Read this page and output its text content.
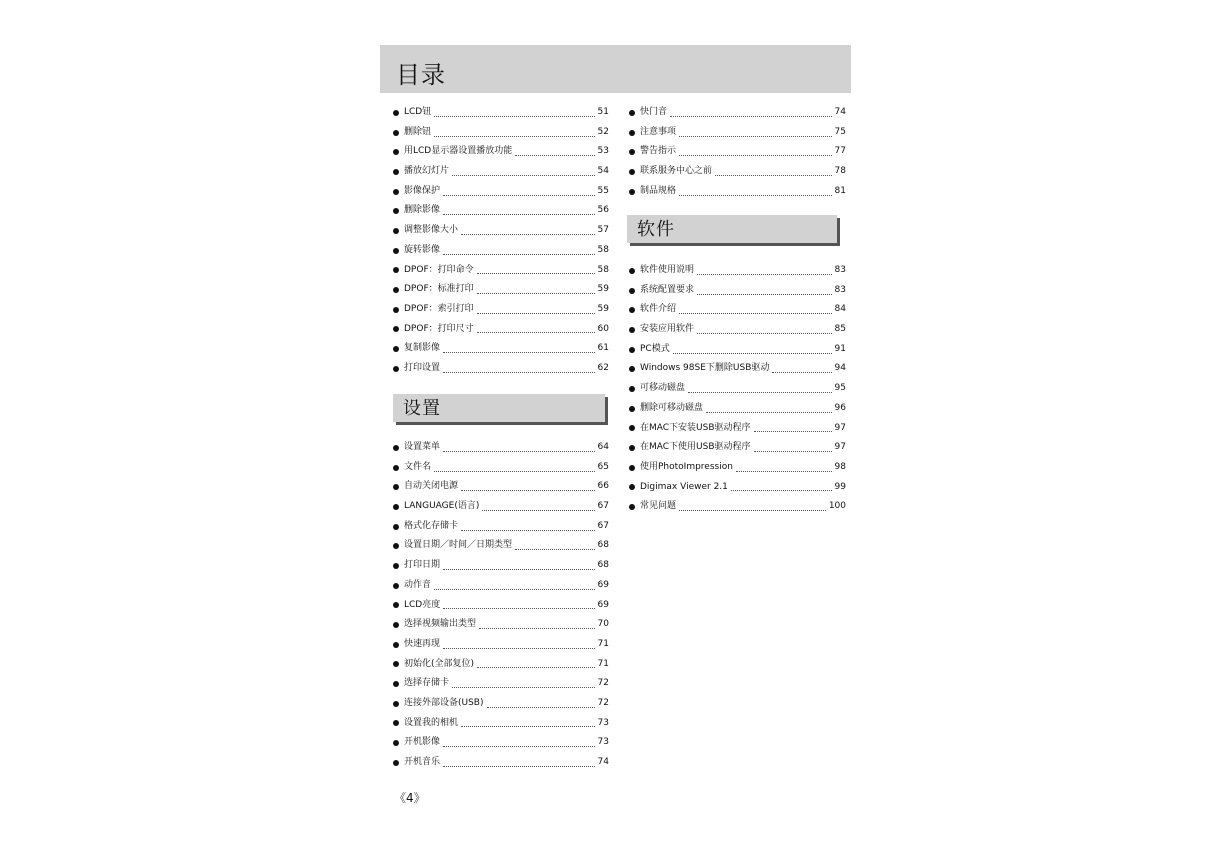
目录
LCD钮	51
删除钮	52
用LCD显示器设置播放功能	53
播放幻灯片	54
影像保护	55
删除影像	56
调整影像大小	57
旋转影像	58
DPOF：打印命令	58
DPOF：标准打印	59
DPOF：索引打印	59
DPOF：打印尺寸	60
复制影像	61
打印设置	62
设置
设置菜单	64
文件名	65
自动关闭电源	66
LANGUAGE(语言)	67
格式化存储卡	67
设置日期／时间／日期类型	68
打印日期	68
动作音	69
LCD亮度	69
选择视频输出类型	70
快速再现	71
初始化(全部复位)	71
选择存储卡	72
连接外部设备(USB)	72
设置我的相机	73
开机影像	73
开机音乐	74
快门音	74
注意事项	75
警告指示	77
联系服务中心之前	78
制品规格	81
软件
软件使用说明	83
系统配置要求	83
软件介绍	84
安装应用软件	85
PC模式	91
Windows 98SE下删除USB驱动	94
可移动磁盘	95
删除可移动磁盘	96
在MAC下安装USB驱动程序	97
在MAC下使用USB驱动程序	97
使用PhotoImpression	98
Digimax Viewer 2.1	99
常见问题	100
《4》
